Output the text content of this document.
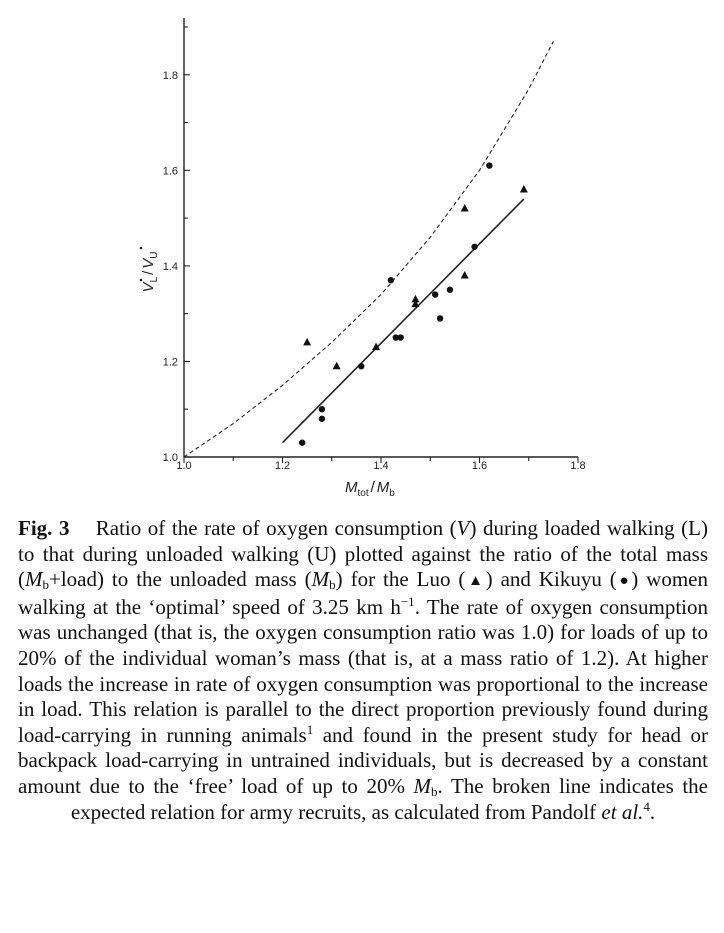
1.0	1.2	1.4	1.6	1.8
1.0
1.2
1.4
1.6
1.8
$M_{tot} / M_b$
$V_L/V_U$
Fig. 3 Ratio of the rate of oxygen consumption (V) during loaded walking (L) to that during unloaded walking (U) plotted against the ratio of the total mass $(M_b+load)$ to the unloaded mass $(M_b)$ for the Luo (▲) and Kikuyu (●) women walking at the ‘optimal’ speed of 3.25 km $h^{-1}$. The rate of oxygen consumption was unchanged (that is, the oxygen consumption ratio was 1.0) for loads of up to 20% of the individual woman’s mass (that is, at a mass ratio of 1.2). At higher loads the increase in rate of oxygen consumption was proportional to the increase in load. This relation is parallel to the direct proportion previously found during load-carrying in running animals$^1$ and found in the present study for head or backpack load-carrying in untrained individuals, but is decreased by a constant amount due to the ‘free’ load of up to 20% $M_b$. The broken line indicates the expected relation for army recruits, as calculated from Pandolf et al.$^4$.
